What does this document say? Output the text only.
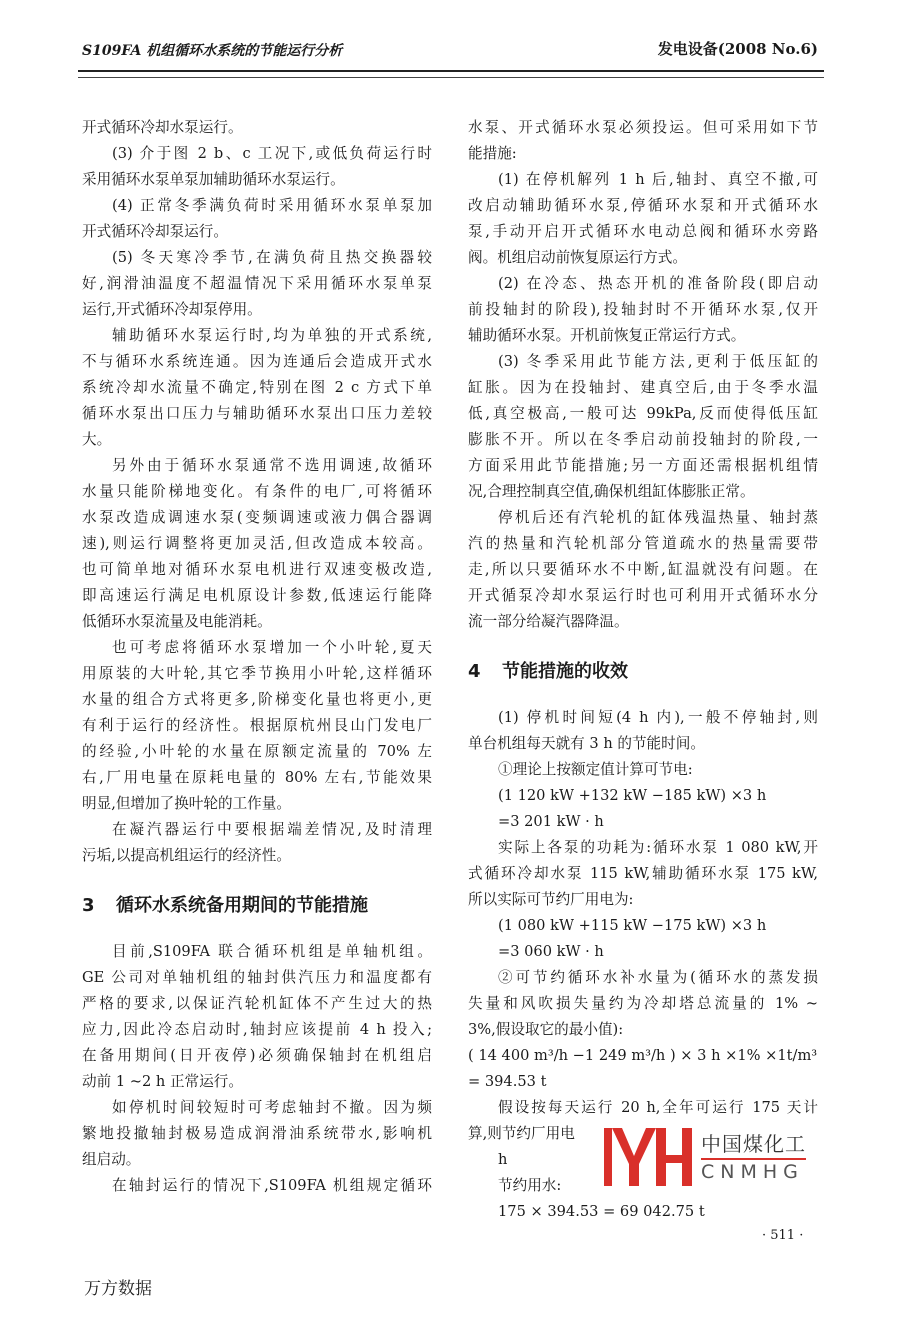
S109FA 机组循环水系统的节能运行分析	发电设备(2008 No.6)
开式循环冷却水泵运行。
(3) 介于图 2 b、c 工况下,或低负荷运行时
采用循环水泵单泵加辅助循环水泵运行。
(4) 正常冬季满负荷时采用循环水泵单泵加
开式循环冷却泵运行。
(5) 冬天寒冷季节,在满负荷且热交换器较
好,润滑油温度不超温情况下采用循环水泵单泵
运行,开式循环冷却泵停用。
辅助循环水泵运行时,均为单独的开式系统,
不与循环水系统连通。因为连通后会造成开式水
系统冷却水流量不确定,特别在图 2 c 方式下单
循环水泵出口压力与辅助循环水泵出口压力差较
大。
另外由于循环水泵通常不选用调速,故循环
水量只能阶梯地变化。有条件的电厂,可将循环
水泵改造成调速水泵(变频调速或液力偶合器调
速),则运行调整将更加灵活,但改造成本较高。
也可简单地对循环水泵电机进行双速变极改造,
即高速运行满足电机原设计参数,低速运行能降
低循环水泵流量及电能消耗。
也可考虑将循环水泵增加一个小叶轮,夏天
用原装的大叶轮,其它季节换用小叶轮,这样循环
水量的组合方式将更多,阶梯变化量也将更小,更
有利于运行的经济性。根据原杭州艮山门发电厂
的经验,小叶轮的水量在原额定流量的 70% 左
右,厂用电量在原耗电量的 80% 左右,节能效果
明显,但增加了换叶轮的工作量。
在凝汽器运行中要根据端差情况,及时清理
污垢,以提高机组运行的经济性。
3 循环水系统备用期间的节能措施
目前,S109FA 联合循环机组是单轴机组。
GE 公司对单轴机组的轴封供汽压力和温度都有
严格的要求,以保证汽轮机缸体不产生过大的热
应力,因此冷态启动时,轴封应该提前 4 h 投入;
在备用期间(日开夜停)必须确保轴封在机组启
动前 1 ~2 h 正常运行。
如停机时间较短时可考虑轴封不撤。因为频
繁地投撤轴封极易造成润滑油系统带水,影响机
组启动。
在轴封运行的情况下,S109FA 机组规定循环
水泵、开式循环水泵必须投运。但可采用如下节
能措施:
(1) 在停机解列 1 h 后,轴封、真空不撤,可
改启动辅助循环水泵,停循环水泵和开式循环水
泵,手动开启开式循环水电动总阀和循环水旁路
阀。机组启动前恢复原运行方式。
(2) 在冷态、热态开机的准备阶段(即启动
前投轴封的阶段),投轴封时不开循环水泵,仅开
辅助循环水泵。开机前恢复正常运行方式。
(3) 冬季采用此节能方法,更利于低压缸的
缸胀。因为在投轴封、建真空后,由于冬季水温
低,真空极高,一般可达 99kPa,反而使得低压缸
膨胀不开。所以在冬季启动前投轴封的阶段,一
方面采用此节能措施;另一方面还需根据机组情
况,合理控制真空值,确保机组缸体膨胀正常。
停机后还有汽轮机的缸体残温热量、轴封蒸
汽的热量和汽轮机部分管道疏水的热量需要带
走,所以只要循环水不中断,缸温就没有问题。在
开式循泵冷却水泵运行时也可利用开式循环水分
流一部分给凝汽器降温。
4 节能措施的收效
(1) 停机时间短(4 h 内),一般不停轴封,则
单台机组每天就有 3 h 的节能时间。
①理论上按额定值计算可节电:
(1 120 kW +132 kW −185 kW) ×3 h
=3 201 kW · h
实际上各泵的功耗为:循环水泵 1 080 kW,开
式循环冷却水泵 115 kW,辅助循环水泵 175 kW,
所以实际可节约厂用电为:
(1 080 kW +115 kW −175 kW) ×3 h
=3 060 kW · h
②可节约循环水补水量为(循环水的蒸发损
失量和风吹损失量约为冷却塔总流量的 1% ~
3%,假设取它的最小值):
( 14 400 m³/h −1 249 m³/h ) × 3 h ×1% ×1t/m³
= 394.53 t
假设按每天运行 20 h,全年可运行 175 天计
算,则节约厂用电
h
节约用水:
175 × 394.53 = 69 042.75 t
中国煤化工
CNMHG
· 511 ·
万方数据
